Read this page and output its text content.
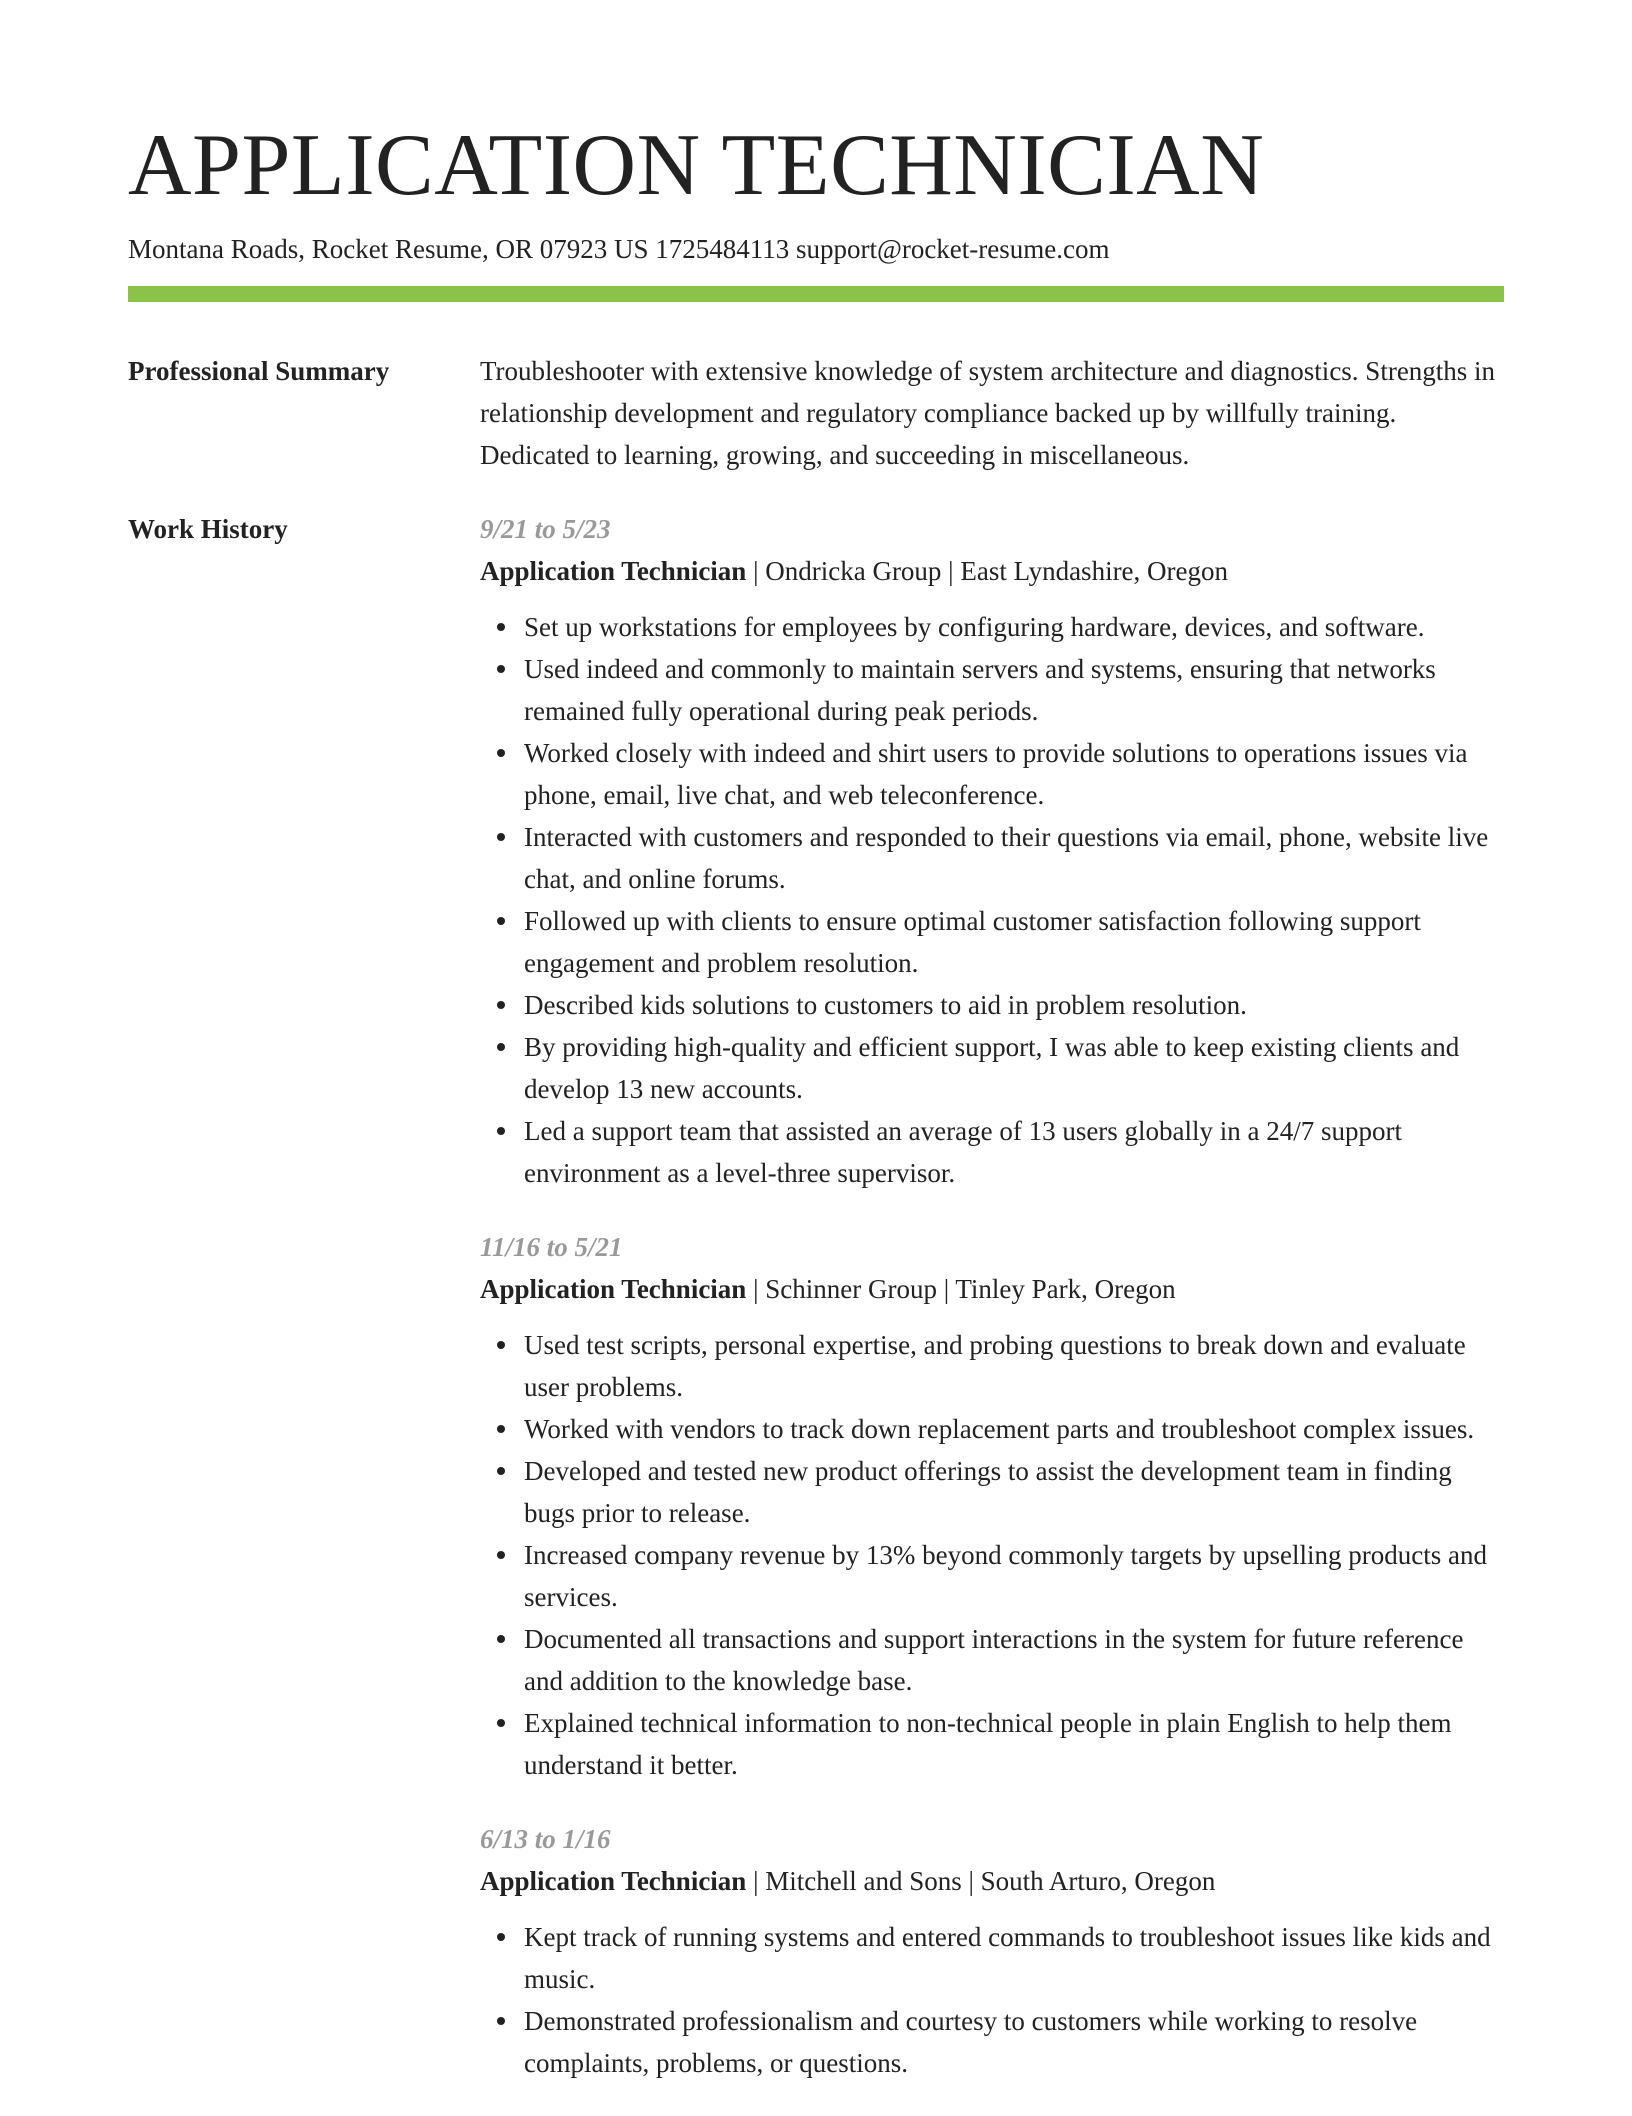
APPLICATION TECHNICIAN

Montana Roads, Rocket Resume, OR 07923 US 1725484113 support@rocket-resume.com

Professional Summary	Troubleshooter with extensive knowledge of system architecture and diagnostics. Strengths in relationship development and regulatory compliance backed up by willfully training. Dedicated to learning, growing, and succeeding in miscellaneous.

Work History	9/21 to 5/23
Application Technician | Ondricka Group | East Lyndashire, Oregon
Set up workstations for employees by configuring hardware, devices, and software.
Used indeed and commonly to maintain servers and systems, ensuring that networks remained fully operational during peak periods.
Worked closely with indeed and shirt users to provide solutions to operations issues via phone, email, live chat, and web teleconference.
Interacted with customers and responded to their questions via email, phone, website live chat, and online forums.
Followed up with clients to ensure optimal customer satisfaction following support engagement and problem resolution.
Described kids solutions to customers to aid in problem resolution.
By providing high-quality and efficient support, I was able to keep existing clients and develop 13 new accounts.
Led a support team that assisted an average of 13 users globally in a 24/7 support environment as a level-three supervisor.
11/16 to 5/21
Application Technician | Schinner Group | Tinley Park, Oregon
Used test scripts, personal expertise, and probing questions to break down and evaluate user problems.
Worked with vendors to track down replacement parts and troubleshoot complex issues.
Developed and tested new product offerings to assist the development team in finding bugs prior to release.
Increased company revenue by 13% beyond commonly targets by upselling products and services.
Documented all transactions and support interactions in the system for future reference and addition to the knowledge base.
Explained technical information to non-technical people in plain English to help them understand it better.
6/13 to 1/16
Application Technician | Mitchell and Sons | South Arturo, Oregon
Kept track of running systems and entered commands to troubleshoot issues like kids and music.
Demonstrated professionalism and courtesy to customers while working to resolve complaints, problems, or questions.
